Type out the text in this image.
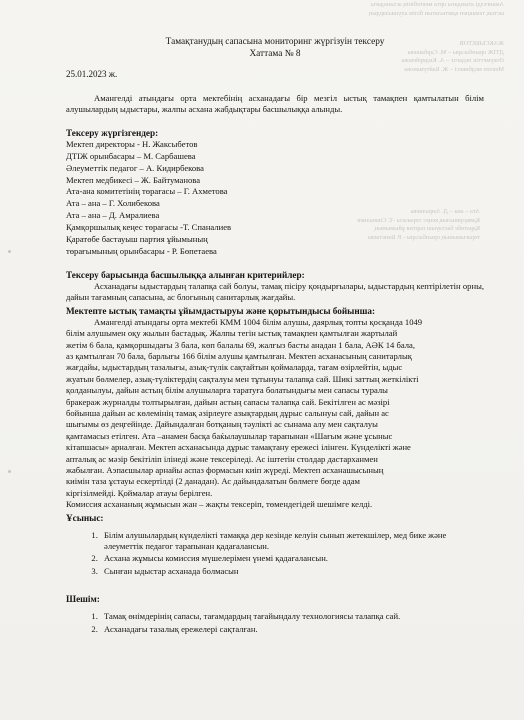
Амангелді атындағы орта мектебінің асханадағы
ыстық тамақпен қамтылатын білім алушылардың
ЖАКСЫБЕТОВ
ДТІЖ орынбасары – М. Сарбашева
Әлеуметтік педагог – А. Кидирбекова
Мектеп медбикесі – Ж. Байтуманова
Ата – ана – Д. Амралиева
Қамқоршылық кеңес төрағасы -Т. Спаналиев
Қаратөбе бастауыш партия ұйымының
төрағымының орынбасары - Р. Бөпетаева
Тамақтанудың сапасына мониторинг жүргізуін тексеру
Хаттама № 8
25.01.2023 ж.

Амангелді атындағы орта мектебінің асханадағы бір мезгіл ыстық тамақпен қамтылатын білім алушылардың ыдыстары, жалпы асхана жабдықтары басшылыққа алынды.

Тексеру жүргізгендер:
Мектеп директоры - Н. Жаксыбетов
ДТІЖ орынбасары – М. Сарбашева
Әлеуметтік педагог – А. Кидирбекова
Мектеп медбикесі – Ж. Байтуманова
Ата-ана комитетінің төрағасы – Г. Ахметова
Ата – ана – Г. Холибекова
Ата – ана – Д. Амралиева
Қамқоршылық кеңес төрағасы -Т. Спаналиев
Қаратөбе бастауыш партия ұйымының
төрағымының орынбасары - Р. Бөпетаева
Тексеру барысында басшылыққа алынған критерийлер:

Асханадағы ыдыстардың талапқа сай болуы, тамақ пісіру қондырғылары, ыдыстардың кептірілетін орны, дайын тағамның сапасына, ас блогының санитарлық жағдайы.

Мектепте ыстық тамақты ұйымдастыруы және қорытындысы бойынша:
Амангелді атындағы орта мектебі КММ 1004 білім алушы, даярлық топты қосқанда 1049
білім алушымен оқу жылын бастадық. Жалпы тегін ыстық тамақпен қамтылған жартылай
жетім 6 бала, қамқоршыдағы 3 бала, көп балалы 69, жалғыз басты анадан 1 бала, АӘК 14 бала,
аз қамтылған 70 бала, барлығы 166 білім алушы қамтылған. Мектеп асханасының санитарлық
жағдайы, ыдыстардың тазалығы, азық-түлік сақтайтын қоймаларда, тағам өзірлейтін, ыдыс
жуатын бөлмелер, азық-түліктердің сақталуы мен тұтынуы талапқа сай. Шикі заттың жеткілікті
қолданылуы, дайын астың білім алушыларға таратуға болатындығы мен сапасы туралы
бракераж журналды толтырылған, дайын астың сапасы талапқа сай. Бекітілген ас мәзірі
бойынша дайын ас көлемінің тамақ әзірлеуге азықтардың дұрыс салынуы сай, дайын ас
шығымы өз деңгейінде. Дайындалған ботқаның тәуліктi ас сынама алу мен сақталуы
қамтамасыз етілген. Ата –анамен басқа баќылаушылар тарапынан «Шағым және ұсыныс
кітапшасы» арналған. Мектеп асханасында дұрыс тамақтану ережесі ілінген. Күнделікті және
апталық ас мәзір бекітіліп ілінеді және тексеріледі. Ас іштетін столдар дастарханмен
жабылған. Аэпаєшылар арнайы аспаз формасын киіп жүреді. Мектеп асханашысының
киімін таза ұстауы ескертілді (2 данадан). Ас дайындалатын бөлмеге бөгде адам
кіргізілмейді. Қоймалар атауы берілген.
Комиссия асхананың жұмысын жан – жақты тексеріп, төмендегідей шешімге келді.
Ұсыныс:
1. Білім алушылардың күнделікті тамаққа дер кезінде келуін сынып жетекшілер, мед бике және әлеуметтік педагог тарапынан қадағалансын.
2. Асхана жұмысы комиссия мүшелерімен үнемі қадағалансын.
3. Сынған ыдыстар асханада болмасын
Шешім:
1. Тамақ өнімдерінің сапасы, тағамдардың тағайындалу технологиясы талапқа сай.
2. Асханадағы тазалық ережелері сақталған.
